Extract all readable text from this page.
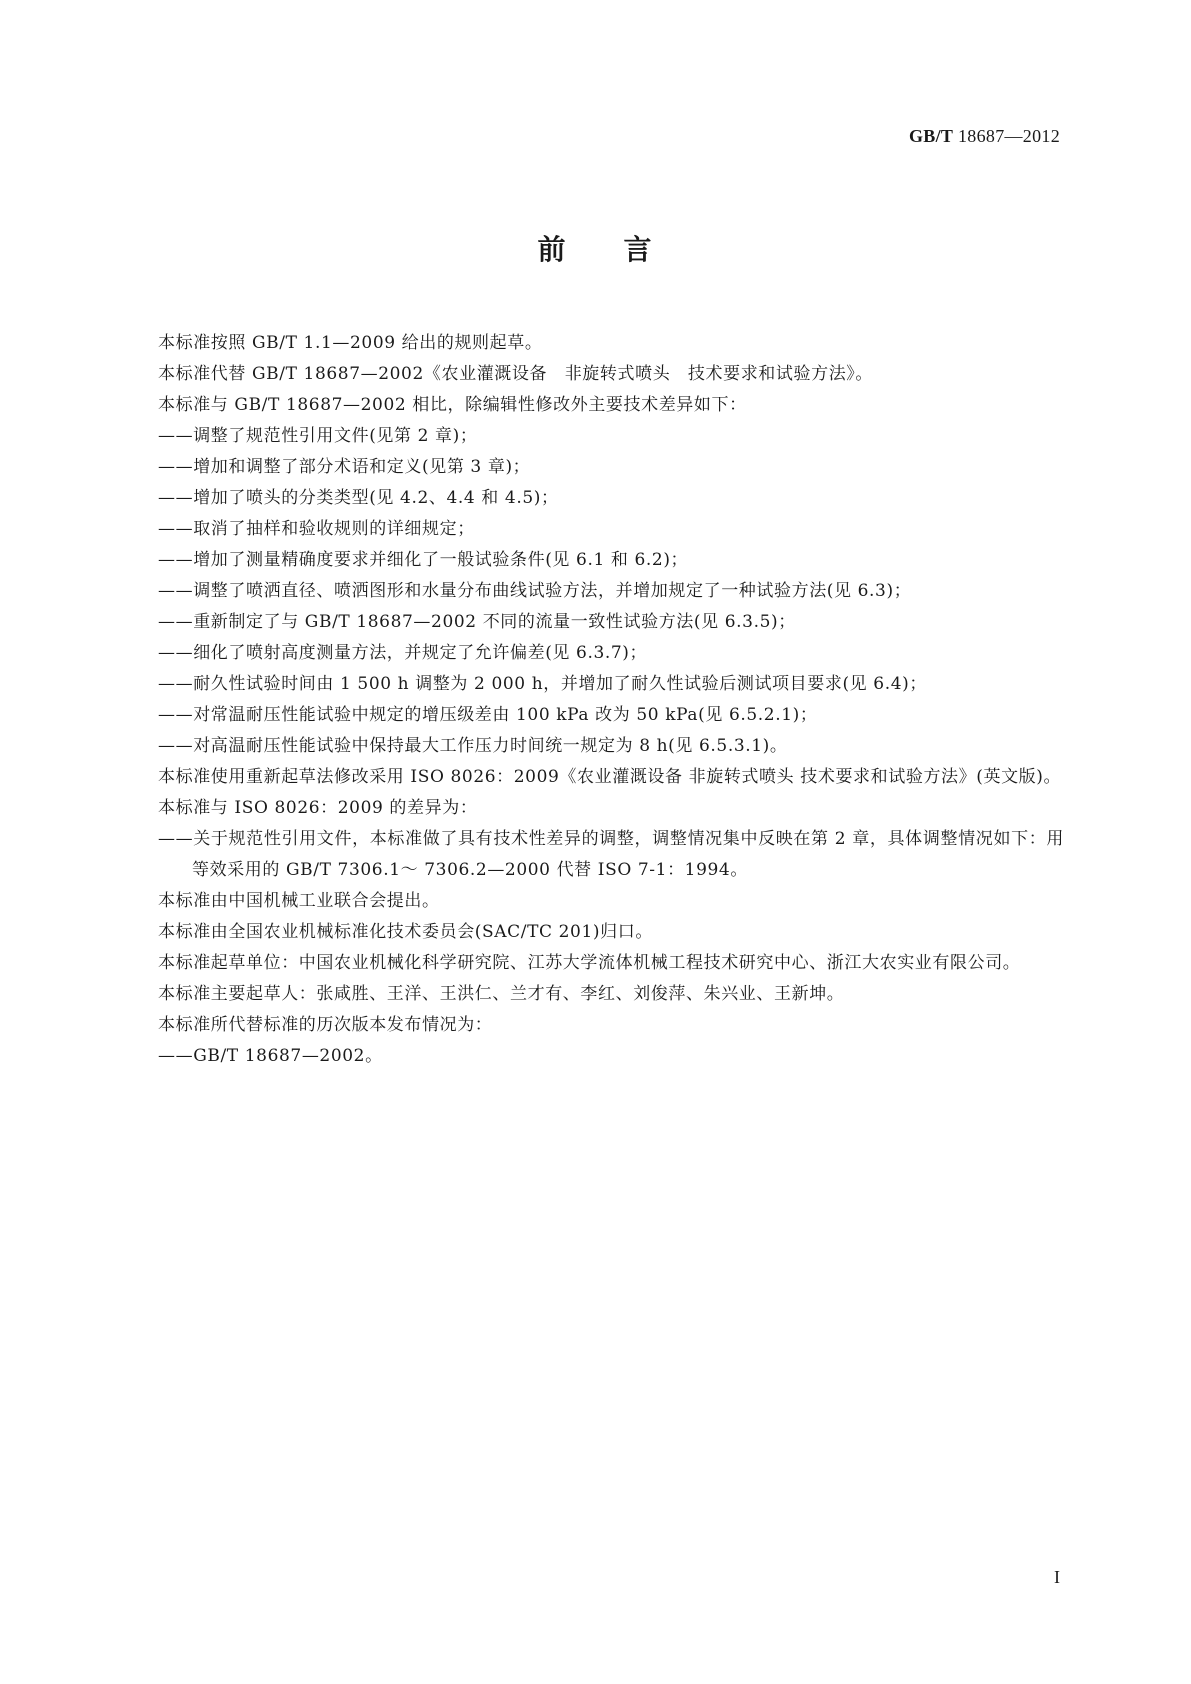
GB/T 18687—2012
前 言

本标准按照 GB/T 1.1—2009 给出的规则起草。

本标准代替 GB/T 18687—2002《农业灌溉设备　非旋转式喷头　技术要求和试验方法》。

本标准与 GB/T 18687—2002 相比，除编辑性修改外主要技术差异如下：

——调整了规范性引用文件(见第 2 章)；

——增加和调整了部分术语和定义(见第 3 章)；

——增加了喷头的分类类型(见 4.2、4.4 和 4.5)；

——取消了抽样和验收规则的详细规定；

——增加了测量精确度要求并细化了一般试验条件(见 6.1 和 6.2)；

——调整了喷洒直径、喷洒图形和水量分布曲线试验方法，并增加规定了一种试验方法(见 6.3)；

——重新制定了与 GB/T 18687—2002 不同的流量一致性试验方法(见 6.3.5)；

——细化了喷射高度测量方法，并规定了允许偏差(见 6.3.7)；

——耐久性试验时间由 1 500 h 调整为 2 000 h，并增加了耐久性试验后测试项目要求(见 6.4)；

——对常温耐压性能试验中规定的增压级差由 100 kPa 改为 50 kPa(见 6.5.2.1)；

——对高温耐压性能试验中保持最大工作压力时间统一规定为 8 h(见 6.5.3.1)。

本标准使用重新起草法修改采用 ISO 8026：2009《农业灌溉设备 非旋转式喷头 技术要求和试验方法》(英文版)。

本标准与 ISO 8026：2009 的差异为：

——关于规范性引用文件，本标准做了具有技术性差异的调整，调整情况集中反映在第 2 章，具体调整情况如下：用等效采用的 GB/T 7306.1～ 7306.2—2000 代替 ISO 7-1：1994。

本标准由中国机械工业联合会提出。

本标准由全国农业机械标准化技术委员会(SAC/TC 201)归口。

本标准起草单位：中国农业机械化科学研究院、江苏大学流体机械工程技术研究中心、浙江大农实业有限公司。

本标准主要起草人：张咸胜、王洋、王洪仁、兰才有、李红、刘俊萍、朱兴业、王新坤。

本标准所代替标准的历次版本发布情况为：

——GB/T 18687—2002。

I
